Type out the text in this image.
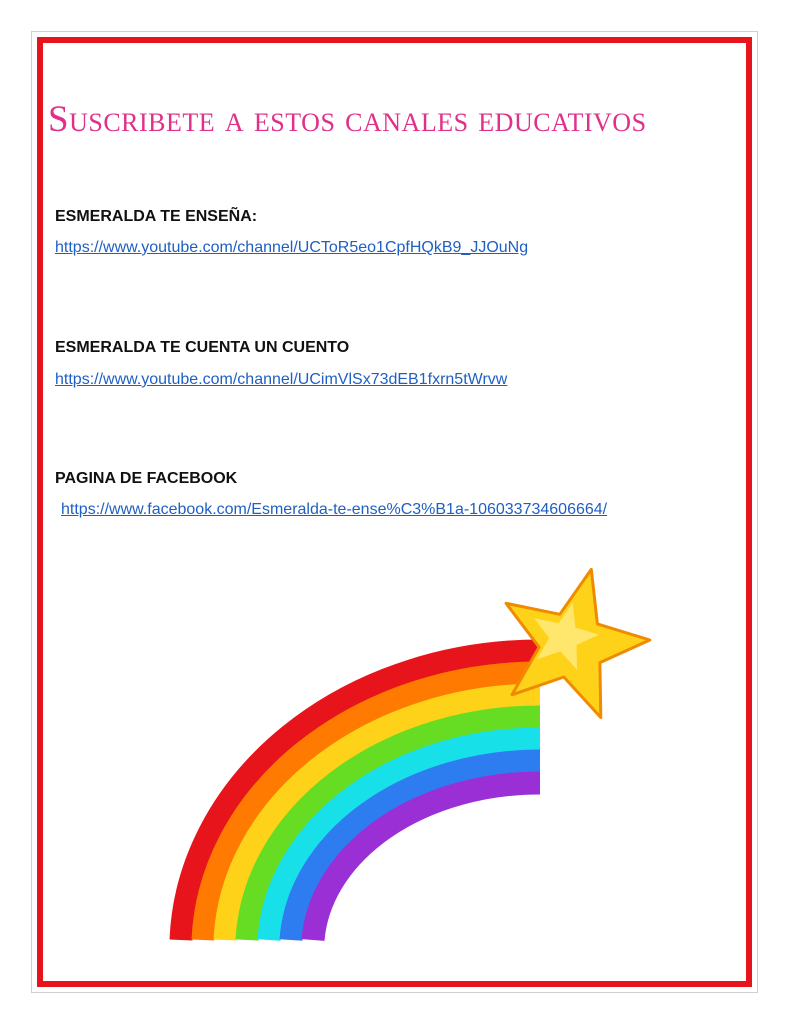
Suscribete a estos canales educativos
ESMERALDA TE ENSEÑA:
https://www.youtube.com/channel/UCToR5eo1CpfHQkB9_JJOuNg
ESMERALDA TE CUENTA UN CUENTO
https://www.youtube.com/channel/UCimVlSx73dEB1fxrn5tWrvw
PAGINA DE FACEBOOK
https://www.facebook.com/Esmeralda-te-ense%C3%B1a-106033734606664/
